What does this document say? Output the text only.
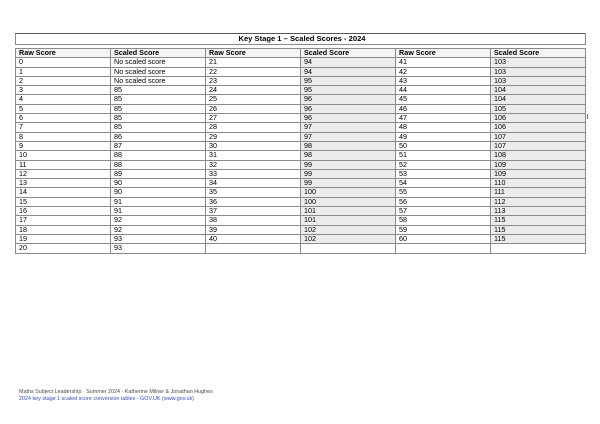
Key Stage 1 – Scaled Scores - 2024					

Raw Score	Scaled Score	Raw Score	Scaled Score	Raw Score	Scaled Score
0	No scaled score	21	94	41	103
1	No scaled score	22	94	42	103
2	No scaled score	23	95	43	103
3	85	24	95	44	104
4	85	25	96	45	104
5	85	26	96	46	105
6	85	27	96	47	106
7	85	28	97	48	106
8	86	29	97	49	107
9	87	30	98	50	107
10	88	31	98	51	108
11	88	32	99	52	109
12	89	33	99	53	109
13	90	34	99	54	110
14	90	35	100	55	111
15	91	36	100	56	112
16	91	37	101	57	113
17	92	38	101	58	115
18	92	39	102	59	115
19	93	40	102	60	115
20	93				
Maths Subject Leadership · Summer 2024 · Katherine Milner & Jonathan Hughes
2024 key stage 1 scaled score conversion tables - GOV.UK (www.gov.uk)
